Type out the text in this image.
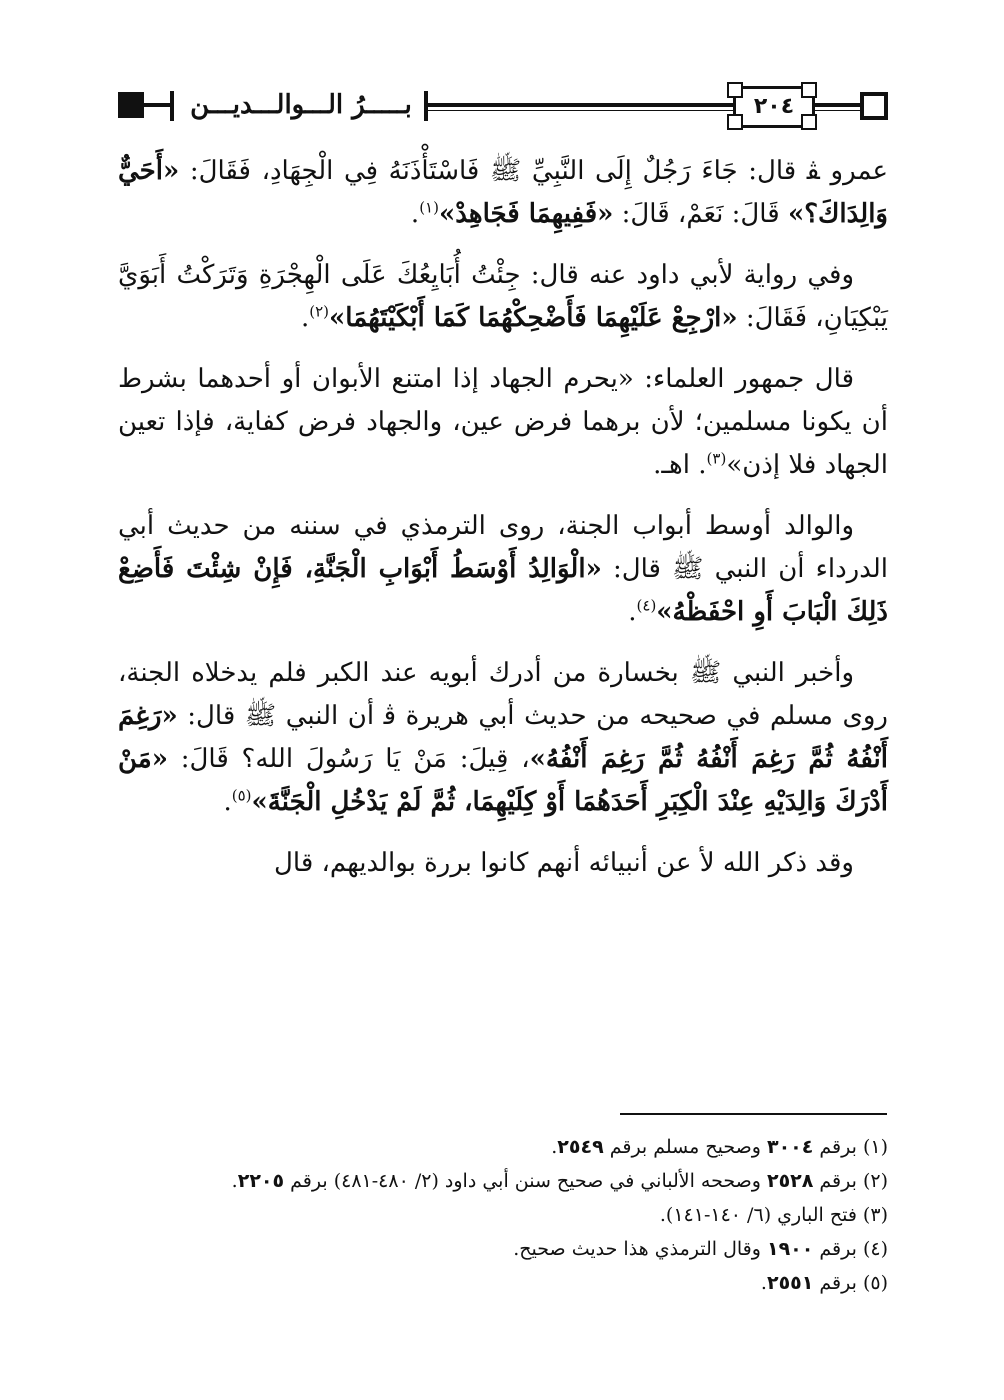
بـــــرُ الـــوالـــديـــن	٢٠٤

عمرو ﭭ قال: جَاءَ رَجُلٌ إِلَى النَّبِيِّ ﷺ فَاسْتَأْذَنَهُ فِي الْجِهَادِ، فَقَالَ: «أَحَيٌّ وَالِدَاكَ؟» قَالَ: نَعَمْ، قَالَ: «فَفِيهِمَا فَجَاهِدْ»$^{(١)}$.

وفي رواية لأبي داود عنه قال: جِئْتُ أُبَايِعُكَ عَلَى الْهِجْرَةِ وَتَرَكْتُ أَبَوَيَّ يَبْكِيَانِ، فَقَالَ: «ارْجِعْ عَلَيْهِمَا فَأَضْحِكْهُمَا كَمَا أَبْكَيْتَهُمَا»$^{(٢)}$.

قال جمهور العلماء: «يحرم الجهاد إذا امتنع الأبوان أو أحدهما بشرط أن يكونا مسلمين؛ لأن برهما فرض عين، والجهاد فرض كفاية، فإذا تعين الجهاد فلا إذن»$^{(٣)}$. اهـ.

والوالد أوسط أبواب الجنة، روى الترمذي في سننه من حديث أبي الدرداء أن النبي ﷺ قال: «الْوَالِدُ أَوْسَطُ أَبْوَابِ الْجَنَّةِ، فَإِنْ شِئْتَ فَأَضِعْ ذَلِكَ الْبَابَ أَوِ احْفَظْهُ»$^{(٤)}$.

وأخبر النبي ﷺ بخسارة من أدرك أبويه عند الكبر فلم يدخلاه الجنة، روى مسلم في صحيحه من حديث أبي هريرة ﭬ أن النبي ﷺ قال: «رَغِمَ أَنْفُهُ ثُمَّ رَغِمَ أَنْفُهُ ثُمَّ رَغِمَ أَنْفُهُ»، قِيلَ: مَنْ يَا رَسُولَ الله؟ قَالَ: «مَنْ أَدْرَكَ وَالِدَيْهِ عِنْدَ الْكِبَرِ أَحَدَهُمَا أَوْ كِلَيْهِمَا، ثُمَّ لَمْ يَدْخُلِ الْجَنَّةَ»$^{(٥)}$.

وقد ذكر الله ﻷ عن أنبيائه أنهم كانوا بررة بوالديهم، قال

(١) برقم ٣٠٠٤ وصحيح مسلم برقم ٢٥٤٩.

(٢) برقم ٢٥٢٨ وصححه الألباني في صحيح سنن أبي داود (٢/ ٤٨٠-٤٨١) برقم ٢٢٠٥.

(٣) فتح الباري (٦/ ١٤٠-١٤١).

(٤) برقم ١٩٠٠ وقال الترمذي هذا حديث صحيح.

(٥) برقم ٢٥٥١.
